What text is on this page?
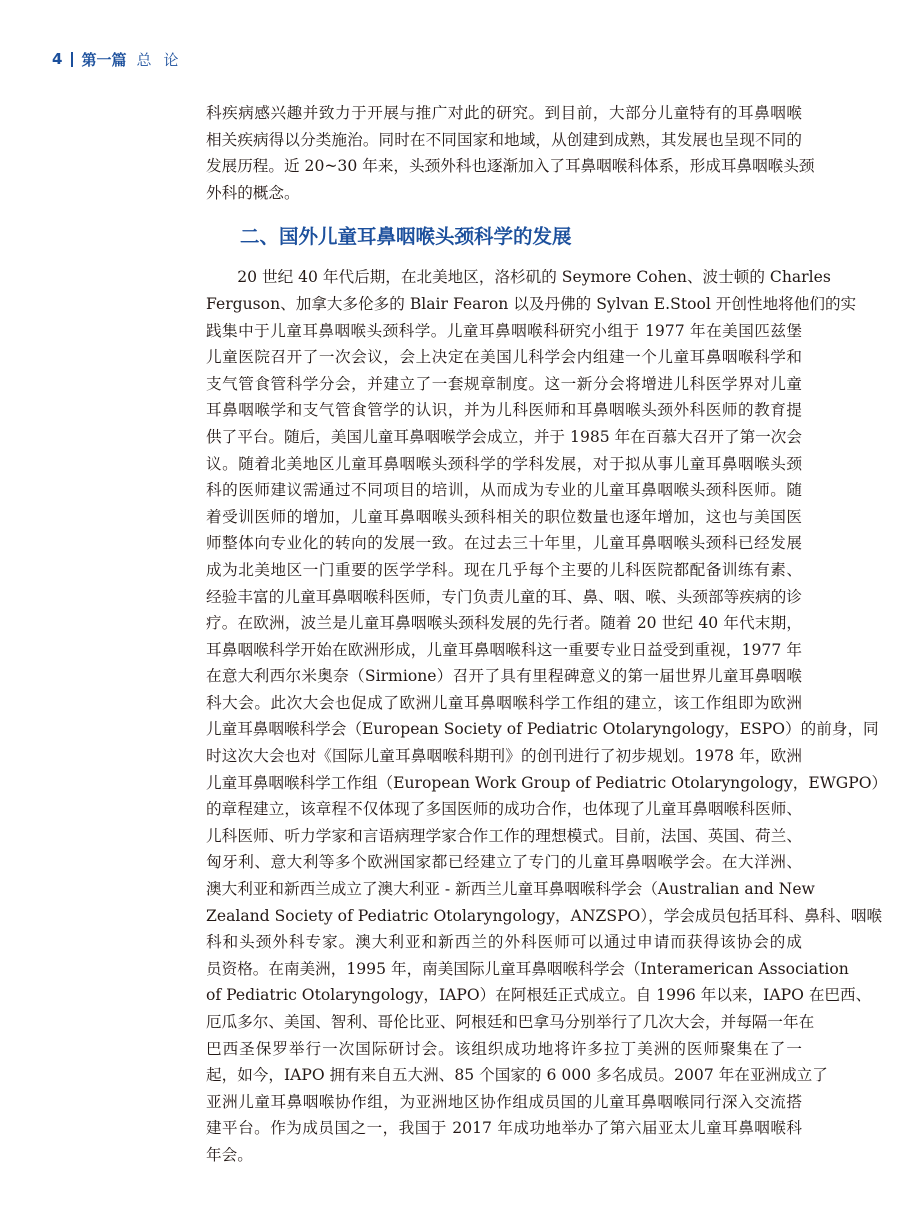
4 第一篇 总论
科疾病感兴趣并致力于开展与推广对此的研究。到目前，大部分儿童特有的耳鼻咽喉
相关疾病得以分类施治。同时在不同国家和地域，从创建到成熟，其发展也呈现不同的
发展历程。近 20~30 年来，头颈外科也逐渐加入了耳鼻咽喉科体系，形成耳鼻咽喉头颈
外科的概念。
二、国外儿童耳鼻咽喉头颈科学的发展
　　20 世纪 40 年代后期，在北美地区，洛杉矶的 Seymore Cohen、波士顿的 Charles
Ferguson、加拿大多伦多的 Blair Fearon 以及丹佛的 Sylvan E.Stool 开创性地将他们的实
践集中于儿童耳鼻咽喉头颈科学。儿童耳鼻咽喉科研究小组于 1977 年在美国匹兹堡
儿童医院召开了一次会议，会上决定在美国儿科学会内组建一个儿童耳鼻咽喉科学和
支气管食管科学分会，并建立了一套规章制度。这一新分会将增进儿科医学界对儿童
耳鼻咽喉学和支气管食管学的认识，并为儿科医师和耳鼻咽喉头颈外科医师的教育提
供了平台。随后，美国儿童耳鼻咽喉学会成立，并于 1985 年在百慕大召开了第一次会
议。随着北美地区儿童耳鼻咽喉头颈科学的学科发展，对于拟从事儿童耳鼻咽喉头颈
科的医师建议需通过不同项目的培训，从而成为专业的儿童耳鼻咽喉头颈科医师。随
着受训医师的增加，儿童耳鼻咽喉头颈科相关的职位数量也逐年增加，这也与美国医
师整体向专业化的转向的发展一致。在过去三十年里，儿童耳鼻咽喉头颈科已经发展
成为北美地区一门重要的医学学科。现在几乎每个主要的儿科医院都配备训练有素、
经验丰富的儿童耳鼻咽喉科医师，专门负责儿童的耳、鼻、咽、喉、头颈部等疾病的诊
疗。在欧洲，波兰是儿童耳鼻咽喉头颈科发展的先行者。随着 20 世纪 40 年代末期，
耳鼻咽喉科学开始在欧洲形成，儿童耳鼻咽喉科这一重要专业日益受到重视，1977 年
在意大利西尔米奥奈（Sirmione）召开了具有里程碑意义的第一届世界儿童耳鼻咽喉
科大会。此次大会也促成了欧洲儿童耳鼻咽喉科学工作组的建立，该工作组即为欧洲
儿童耳鼻咽喉科学会（European Society of Pediatric Otolaryngology，ESPO）的前身，同
时这次大会也对《国际儿童耳鼻咽喉科期刊》的创刊进行了初步规划。1978 年，欧洲
儿童耳鼻咽喉科学工作组（European Work Group of Pediatric Otolaryngology，EWGPO）
的章程建立，该章程不仅体现了多国医师的成功合作，也体现了儿童耳鼻咽喉科医师、
儿科医师、听力学家和言语病理学家合作工作的理想模式。目前，法国、英国、荷兰、
匈牙利、意大利等多个欧洲国家都已经建立了专门的儿童耳鼻咽喉学会。在大洋洲、
澳大利亚和新西兰成立了澳大利亚 - 新西兰儿童耳鼻咽喉科学会（Australian and New
Zealand Society of Pediatric Otolaryngology，ANZSPO），学会成员包括耳科、鼻科、咽喉
科和头颈外科专家。澳大利亚和新西兰的外科医师可以通过申请而获得该协会的成
员资格。在南美洲，1995 年，南美国际儿童耳鼻咽喉科学会（Interamerican Association
of Pediatric Otolaryngology，IAPO）在阿根廷正式成立。自 1996 年以来，IAPO 在巴西、
厄瓜多尔、美国、智利、哥伦比亚、阿根廷和巴拿马分别举行了几次大会，并每隔一年在
巴西圣保罗举行一次国际研讨会。该组织成功地将许多拉丁美洲的医师聚集在了一
起，如今，IAPO 拥有来自五大洲、85 个国家的 6 000 多名成员。2007 年在亚洲成立了
亚洲儿童耳鼻咽喉协作组，为亚洲地区协作组成员国的儿童耳鼻咽喉同行深入交流搭
建平台。作为成员国之一，我国于 2017 年成功地举办了第六届亚太儿童耳鼻咽喉科
年会。
